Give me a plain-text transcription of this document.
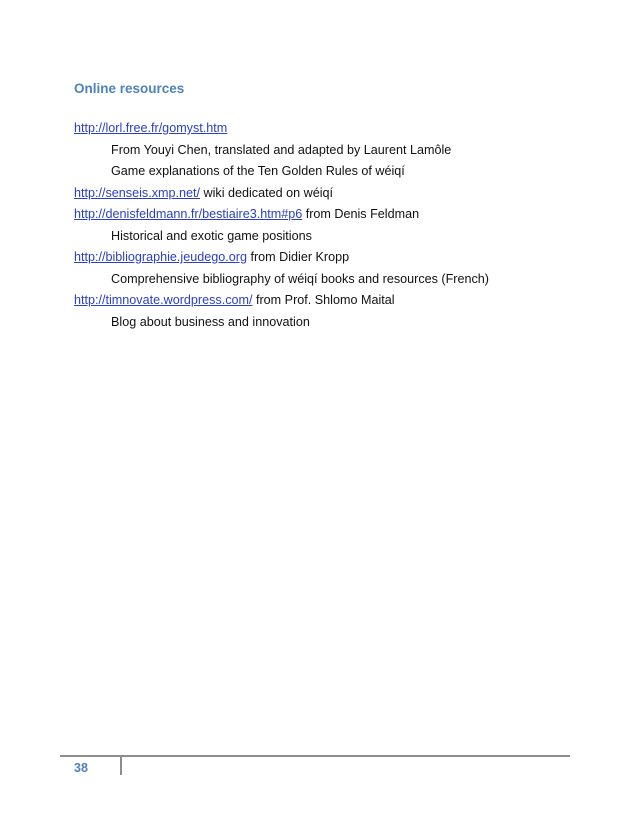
Online resources
http://lorl.free.fr/gomyst.htm
From Youyi Chen, translated and adapted by Laurent Lamôle
Game explanations of the Ten Golden Rules of wéiqí
http://senseis.xmp.net/ wiki dedicated on wéiqí
http://denisfeldmann.fr/bestiaire3.htm#p6 from Denis Feldman
Historical and exotic game positions
http://bibliographie.jeudego.org from Didier Kropp
Comprehensive bibliography of wéiqí books and resources (French)
http://timnovate.wordpress.com/ from Prof. Shlomo Maital
Blog about business and innovation
38
